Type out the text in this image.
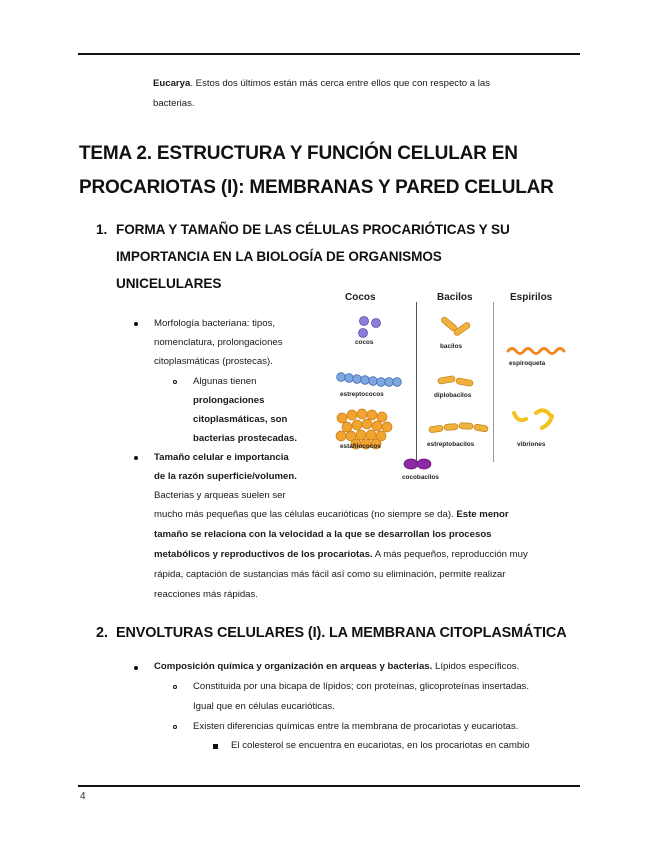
Eucarya. Estos dos últimos están más cerca entre ellos que con respecto a las
bacterias.
TEMA 2. ESTRUCTURA Y FUNCIÓN CELULAR EN
PROCARIOTAS (I): MEMBRANAS Y PARED CELULAR
1. FORMA Y TAMAÑO DE LAS CÉLULAS PROCARIÓTICAS Y SU
IMPORTANCIA EN LA BIOLOGÍA DE ORGANISMOS
UNICELULARES
Morfología bacteriana: tipos,
nomenclatura, prolongaciones
citoplasmáticas (prostecas).
Algunas tienen
prolongaciones
citoplasmáticas, son
bacterias prostecadas.
Tamaño celular e importancia
de la razón superficie/volumen.
Bacterias y arqueas suelen ser
mucho más pequeñas que las células eucarióticas (no siempre se da). Este menor
tamaño se relaciona con la velocidad a la que se desarrollan los procesos
metabólicos y reproductivos de los procariotas. A más pequeños, reproducción muy
rápida, captación de sustancias más fácil así como su eliminación, permite realizar
reacciones más rápidas.
Cocos	Bacilos	Espirilos
cocos
estreptococos
estafilococos
bacilos
diplobacilos
estreptobacilos
espiroqueta
vibriones
cocobacilos
2. ENVOLTURAS CELULARES (I). LA MEMBRANA CITOPLASMÁTICA
Composición química y organización en arqueas y bacterias. Lípidos específicos.
Constituida por una bicapa de lípidos; con proteínas, glicoproteínas insertadas.
Igual que en células eucarióticas.
Existen diferencias químicas entre la membrana de procariotas y eucariotas.
El colesterol se encuentra en eucariotas, en los procariotas en cambio
4
